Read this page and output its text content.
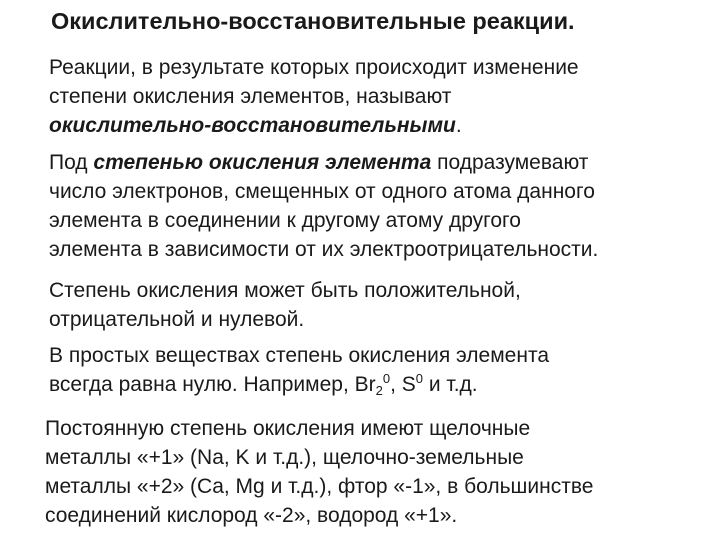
Окислительно-восстановительные реакции.
Реакции, в результате которых происходит изменение
степени окисления элементов, называют
окислительно-восстановительными.
Под степенью окисления элемента подразумевают
число электронов, смещенных от одного атома данного
элемента в соединении к другому атому другого
элемента в зависимости от их электроотрицательности.
Степень окисления может быть положительной,
отрицательной и нулевой.
В простых веществах степень окисления элемента
всегда равна нулю. Например, $Br_2^0$, $S^0$ и т.д.
Постоянную степень окисления имеют щелочные
металлы «+1» (Na, K и т.д.), щелочно-земельные
металлы «+2» (Ca, Mg и т.д.), фтор «-1», в большинстве
соединений кислород «-2», водород «+1».
